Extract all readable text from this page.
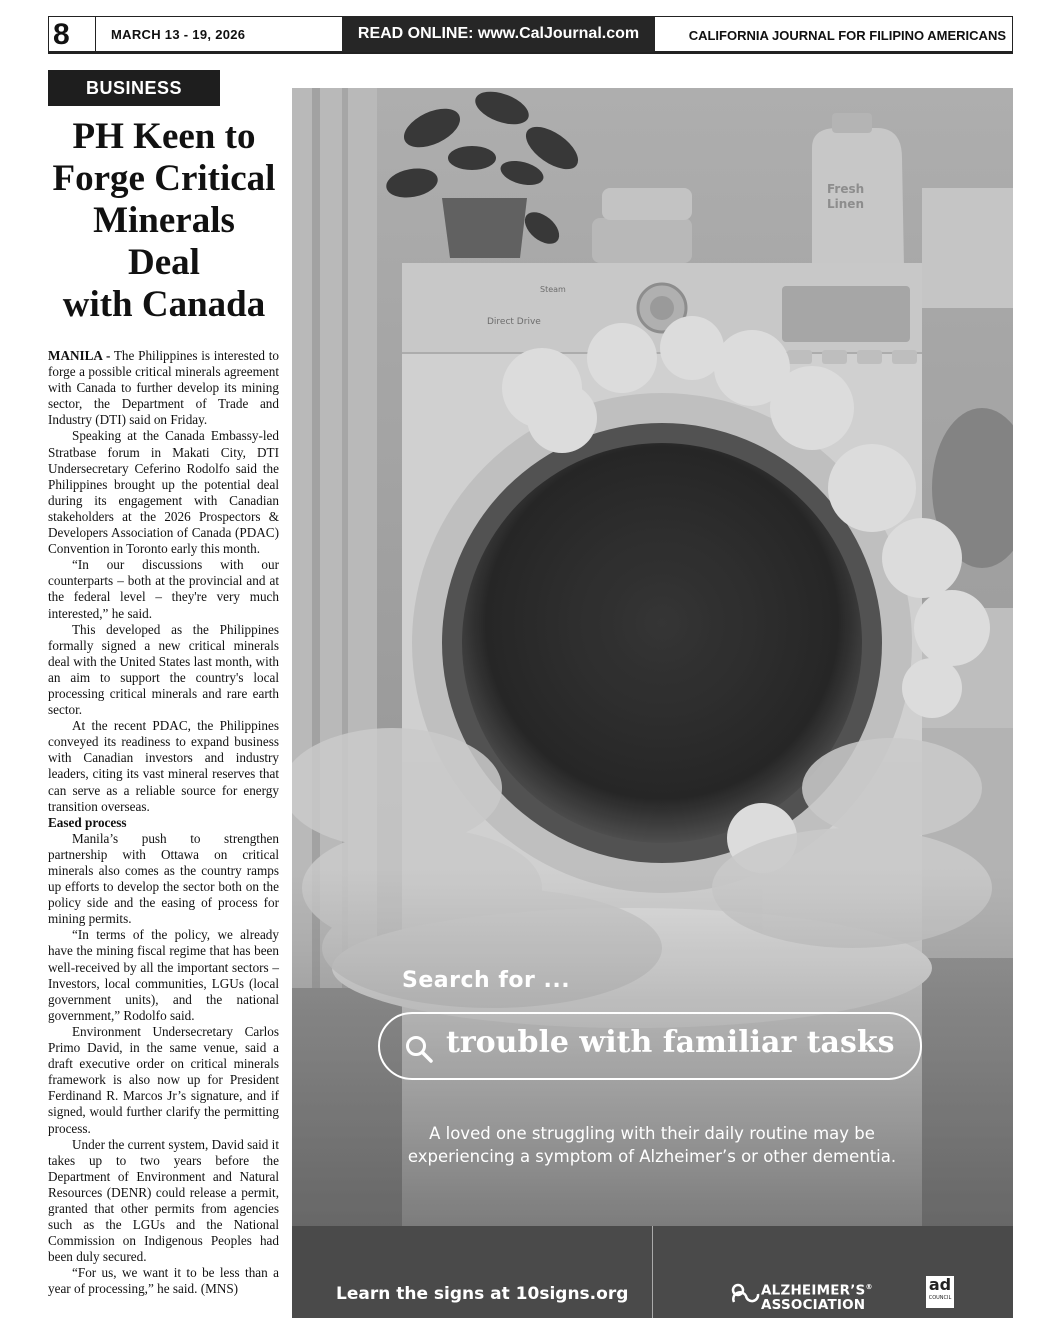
8	MARCH 13 - 19, 2026	READ ONLINE: www.CalJournal.com	CALIFORNIA JOURNAL FOR FILIPINO AMERICANS
BUSINESS
PH Keen to
Forge Critical
Minerals
Deal
with Canada

MANILA - The Philippines is interested to forge a possible critical minerals agreement with Canada to further develop its mining sector, the Department of Trade and Industry (DTI) said on Friday.

Speaking at the Canada Embassy-led Stratbase forum in Makati City, DTI Undersecretary Ceferino Rodolfo said the Philippines brought up the potential deal during its engagement with Canadian stakeholders at the 2026 Prospectors & Developers Association of Canada (PDAC) Convention in Toronto early this month.

“In our discussions with our counterparts – both at the provincial and at the federal level – they're very much interested,” he said.

This developed as the Philippines formally signed a new critical minerals deal with the United States last month, with an aim to support the country's local processing critical minerals and rare earth sector.

At the recent PDAC, the Philippines conveyed its readiness to expand business with Canadian investors and industry leaders, citing its vast mineral reserves that can serve as a reliable source for energy transition overseas.

Eased process

Manila’s push to strengthen partnership with Ottawa on critical minerals also comes as the country ramps up efforts to develop the sector both on the policy side and the easing of process for mining permits.

“In terms of the policy, we already have the mining fiscal regime that has been well-received by all the important sectors – Investors, local communities, LGUs (local government units), and the national government,” Rodolfo said.

Environment Undersecretary Carlos Primo David, in the same venue, said a draft executive order on critical minerals framework is also now up for President Ferdinand R. Marcos Jr’s signature, and if signed, would further clarify the permitting process.

Under the current system, David said it takes up to two years before the Department of Environment and Natural Resources (DENR) could release a permit, granted that other permits from agencies such as the LGUs and the National Commission on Indigenous Peoples had been duly secured.

“For us, we want it to be less than a year of processing,” he said. (MNS)

Fresh
Linen
Steam
Direct Drive
Search for ...
trouble with familiar tasks
A loved one struggling with their daily routine may be
experiencing a symptom of Alzheimer’s or other dementia.
Learn the signs at 10signs.org	ALZHEIMER’S®
ASSOCIATION
ad
COUNCIL
